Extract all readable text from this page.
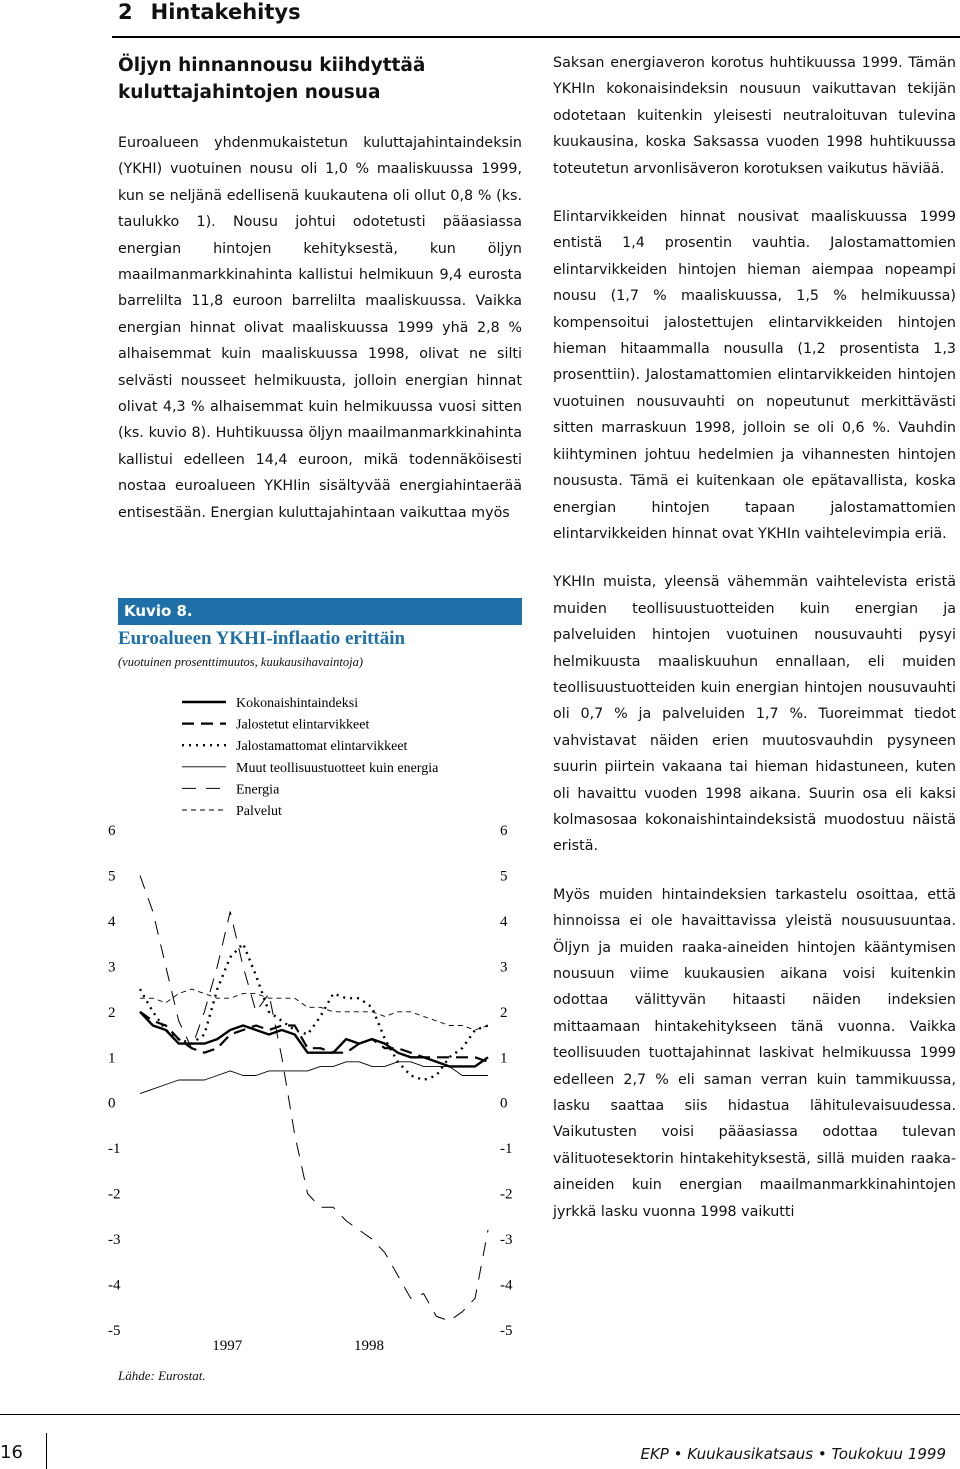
2 Hintakehitys
Öljyn hinnannousu kiihdyttää
kuluttajahintojen nousua

Euroalueen yhdenmukaistetun kuluttajahintaindeksin (YKHI) vuotuinen nousu oli 1,0 % maaliskuussa 1999, kun se neljänä edellisenä kuukautena oli ollut 0,8 % (ks. taulukko 1). Nousu johtui odotetusti pääasiassa energian hintojen kehityksestä, kun öljyn maailmanmarkkinahinta kallistui helmikuun 9,4 eurosta barrelilta 11,8 euroon barrelilta maaliskuussa. Vaikka energian hinnat olivat maaliskuussa 1999 yhä 2,8 % alhaisemmat kuin maaliskuussa 1998, olivat ne silti selvästi nousseet helmikuusta, jolloin energian hinnat olivat 4,3 % alhaisemmat kuin helmikuussa vuosi sitten (ks. kuvio 8). Huhtikuussa öljyn maailmanmarkkinahinta kallistui edelleen 14,4 euroon, mikä todennäköisesti nostaa euroalueen YKHIin sisältyvää energiahintaerää entisestään. Energian kuluttajahintaan vaikuttaa myös

Kuvio 8.
Euroalueen YKHI-inflaatio erittäin
(vuotuinen prosenttimuutos, kuukausihavaintoja)
-5	-5
-4	-4
-3	-3
-2	-2
-1	-1
0	0
1	1
2	2
3	3
4	4
5	5
6	6
1997	1998
Kokonaishintaindeksi
Jalostetut elintarvikkeet
Jalostamattomat elintarvikkeet
Muut teollisuustuotteet kuin energia
Energia
Palvelut
Lähde: Eurostat.

Saksan energiaveron korotus huhtikuussa 1999. Tämän YKHIn kokonaisindeksin nousuun vaikuttavan tekijän odotetaan kuitenkin yleisesti neutraloituvan tulevina kuukausina, koska Saksassa vuoden 1998 huhtikuussa toteutetun arvonlisäveron korotuksen vaikutus häviää.

Elintarvikkeiden hinnat nousivat maaliskuussa 1999 entistä 1,4 prosentin vauhtia. Jalostamattomien elintarvikkeiden hintojen hieman aiempaa nopeampi nousu (1,7 % maaliskuussa, 1,5 % helmikuussa) kompensoitui jalostettujen elintarvikkeiden hintojen hieman hitaammalla nousulla (1,2 prosentista 1,3 prosenttiin). Jalostamattomien elintarvikkeiden hintojen vuotuinen nousuvauhti on nopeutunut merkittävästi sitten marraskuun 1998, jolloin se oli 0,6 %. Vauhdin kiihtyminen johtuu hedelmien ja vihannesten hintojen noususta. Tämä ei kuitenkaan ole epätavallista, koska energian hintojen tapaan jalostamattomien elintarvikkeiden hinnat ovat YKHIn vaihtelevimpia eriä.

YKHIn muista, yleensä vähemmän vaihtelevista eristä muiden teollisuustuotteiden kuin energian ja palveluiden hintojen vuotuinen nousuvauhti pysyi helmikuusta maaliskuuhun ennallaan, eli muiden teollisuustuotteiden kuin energian hintojen nousuvauhti oli 0,7 % ja palveluiden 1,7 %. Tuoreimmat tiedot vahvistavat näiden erien muutosvauhdin pysyneen suurin piirtein vakaana tai hieman hidastuneen, kuten oli havaittu vuoden 1998 aikana. Suurin osa eli kaksi kolmasosaa kokonaishintaindeksistä muodostuu näistä eristä.

Myös muiden hintaindeksien tarkastelu osoittaa, että hinnoissa ei ole havaittavissa yleistä nousuusuuntaa. Öljyn ja muiden raaka-aineiden hintojen kääntymisen nousuun viime kuukausien aikana voisi kuitenkin odottaa välittyvän hitaasti näiden indeksien mittaamaan hintakehitykseen tänä vuonna. Vaikka teollisuuden tuottajahinnat laskivat helmikuussa 1999 edelleen 2,7 % eli saman verran kuin tammikuussa, lasku saattaa siis hidastua lähitulevaisuudessa. Vaikutusten voisi pääasiassa odottaa tulevan välituotesektorin hintakehityksestä, sillä muiden raaka-aineiden kuin energian maailmanmarkkinahintojen jyrkkä lasku vuonna 1998 vaikutti

16	EKP • Kuukausikatsaus • Toukokuu 1999
